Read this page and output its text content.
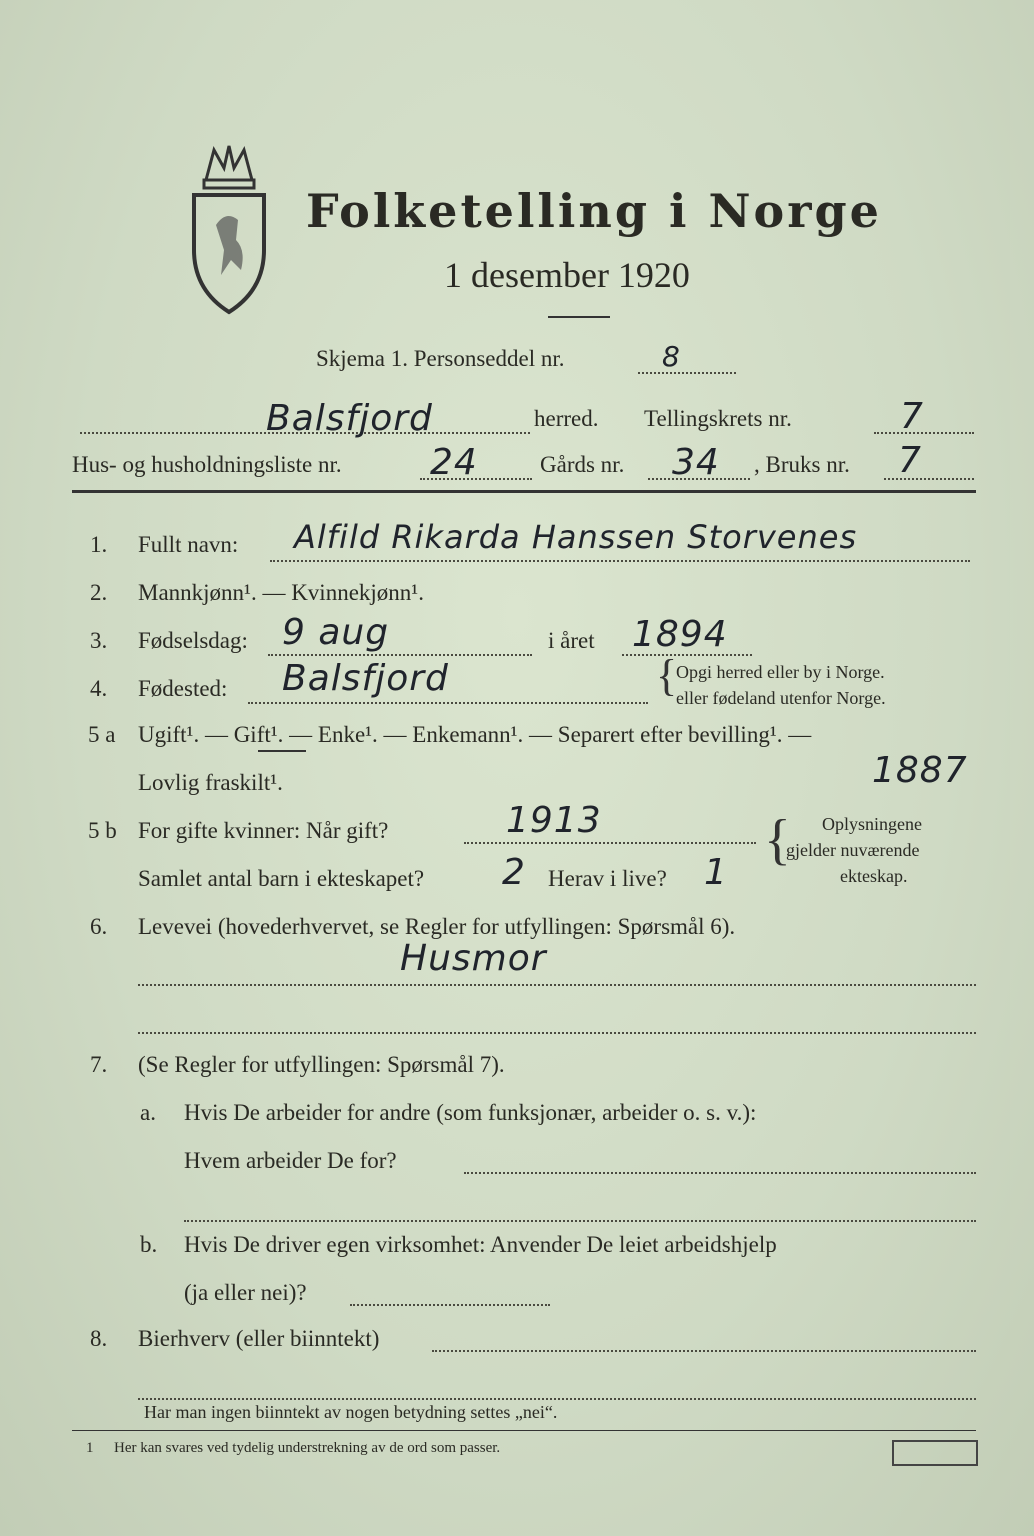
Folketelling i Norge
1 desember 1920
Skjema 1. Personseddel nr.	8
Balsfjord	herred. Tellingskrets nr.	7
Hus- og husholdningsliste nr. 24	Gårds nr. 34 , Bruks nr. 7
1. Fullt navn: Alfild Rikarda Hanssen Storvenes
2. Mannkjønn¹. — Kvinnekjønn¹.
3. Fødselsdag: 9 aug	i året 1894
4. Fødested: Balsfjord	{
Opgi herred eller by i Norge.
eller fødeland utenfor Norge.
5 a Ugift¹. — Gift¹. — Enke¹. — Enkemann¹. — Separert efter bevilling¹. —
Lovlig fraskilt¹.	1887
5 b For gifte kvinner: Når gift?	1913
Samlet antal barn i ekteskapet? 2 Herav i live? 1
{ Oplysningene
gjelder nuværende
ekteskap.
6. Levevei (hovederhvervet, se Regler for utfyllingen: Spørsmål 6).
Husmor
7. (Se Regler for utfyllingen: Spørsmål 7).
a. Hvis De arbeider for andre (som funksjonær, arbeider o. s. v.):
Hvem arbeider De for?
b. Hvis De driver egen virksomhet: Anvender De leiet arbeidshjelp
(ja eller nei)?
8. Bierhverv (eller biinntekt)
Har man ingen biinntekt av nogen betydning settes „nei“.
1 Her kan svares ved tydelig understrekning av de ord som passer.
